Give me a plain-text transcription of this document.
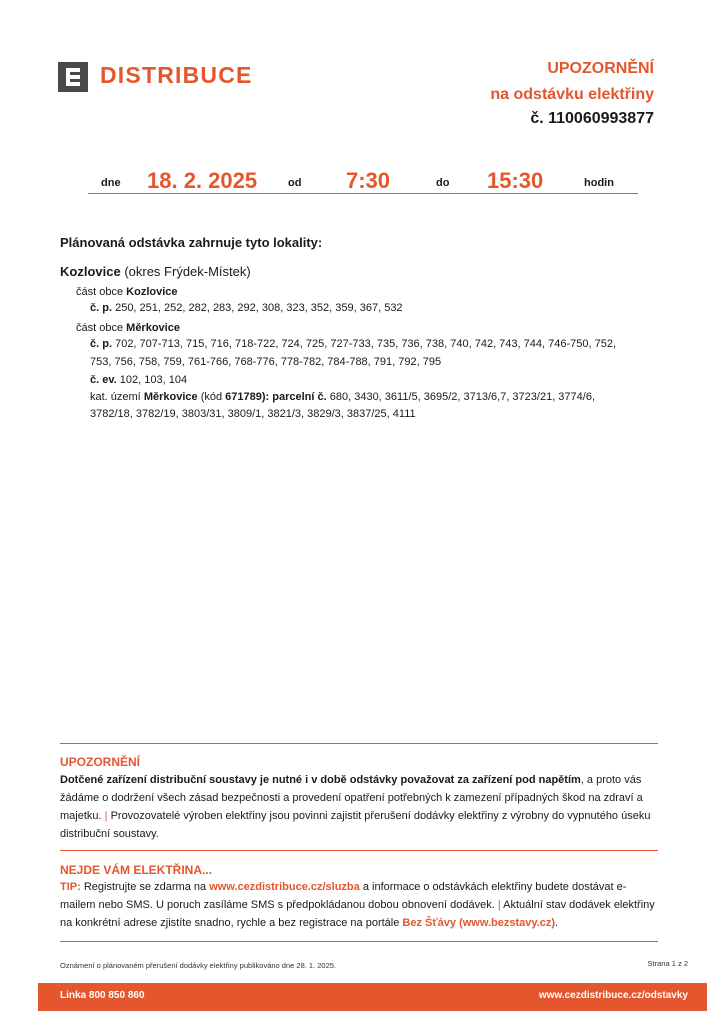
DISTRIBUCE	UPOZORNĚNÍ
na odstávku elektřiny
č. 110060993877
dne 18. 2. 2025	od 7:30	do 15:30	hodin
Plánovaná odstávka zahrnuje tyto lokality:
Kozlovice (okres Frýdek-Místek)
část obce Kozlovice
č. p. 250, 251, 252, 282, 283, 292, 308, 323, 352, 359, 367, 532
část obce Měrkovice
č. p. 702, 707-713, 715, 716, 718-722, 724, 725, 727-733, 735, 736, 738, 740, 742, 743, 744, 746-750, 752,
753, 756, 758, 759, 761-766, 768-776, 778-782, 784-788, 791, 792, 795
č. ev. 102, 103, 104
kat. území Měrkovice (kód 671789): parcelní č. 680, 3430, 3611/5, 3695/2, 3713/6,7, 3723/21, 3774/6,
3782/18, 3782/19, 3803/31, 3809/1, 3821/3, 3829/3, 3837/25, 4111
UPOZORNĚNÍ
Dotčené zařízení distribuční soustavy je nutné i v době odstávky považovat za zařízení pod napětím, a proto vás žádáme o dodržení všech zásad bezpečnosti a provedení opatření potřebných k zamezení případných škod na zdraví a majetku. | Provozovatelé výroben elektřiny jsou povinni zajistit přerušení dodávky elektřiny z výrobny do vypnutého úseku distribuční soustavy.
NEJDE VÁM ELEKTŘINA...
TIP: Registrujte se zdarma na www.cezdistribuce.cz/sluzba a informace o odstávkách elektřiny budete dostávat e-mailem nebo SMS. U poruch zasíláme SMS s předpokládanou dobou obnovení dodávek. | Aktuální stav dodávek elektřiny na konkrétní adrese zjistíte snadno, rychle a bez registrace na portále Bez Šťávy (www.bezstavy.cz).
Oznámení o plánovaném přerušení dodávky elektřiny publikováno dne 28. 1. 2025.	Strana 1 z 2
Linka 800 850 860	www.cezdistribuce.cz/odstavky
